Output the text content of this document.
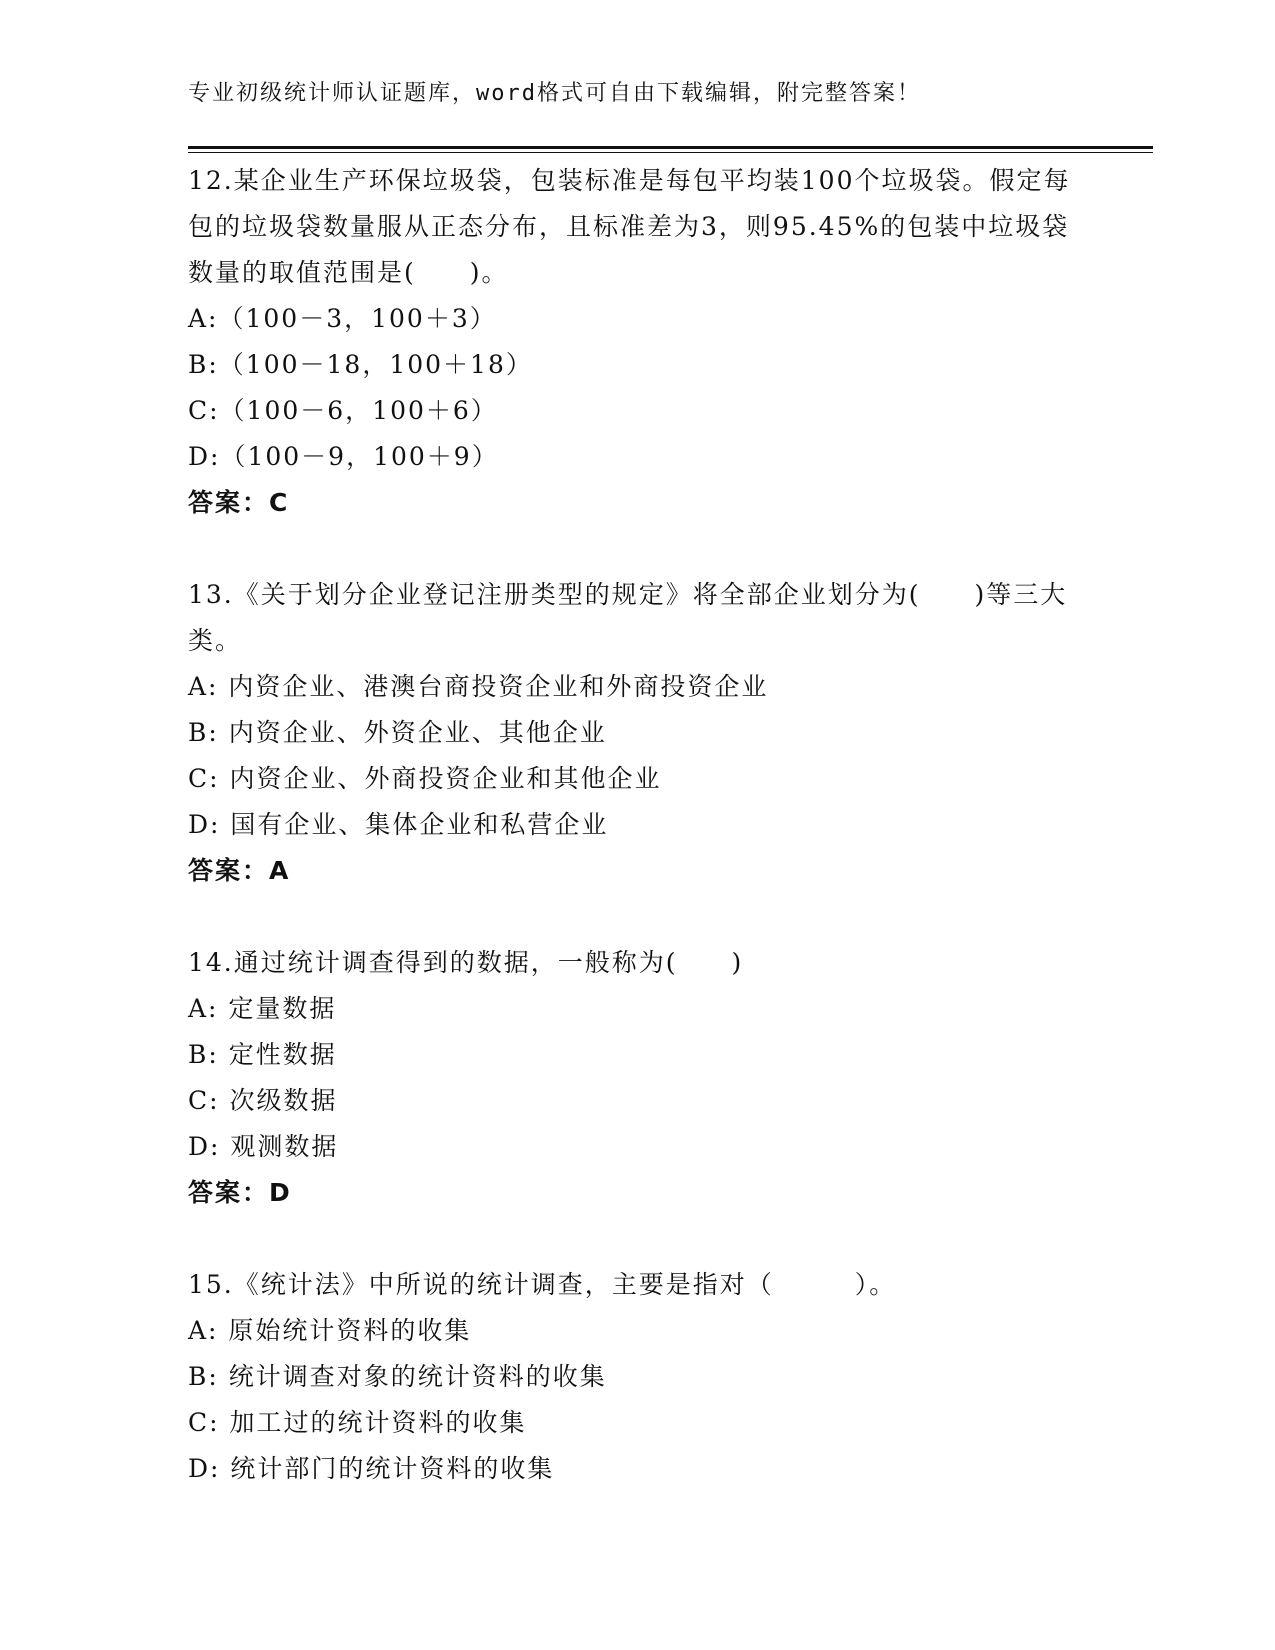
专业初级统计师认证题库，word格式可自由下载编辑，附完整答案！
12.某企业生产环保垃圾袋，包装标准是每包平均装100个垃圾袋。假定每包的垃圾袋数量服从正态分布，且标准差为3，则95.45%的包装中垃圾袋数量的取值范围是(　　)。
A:（100－3，100＋3）
B:（100－18，100＋18）
C:（100－6，100＋6）
D:（100－9，100＋9）
答案：C
13.《关于划分企业登记注册类型的规定》将全部企业划分为(　　)等三大类。
A: 内资企业、港澳台商投资企业和外商投资企业
B: 内资企业、外资企业、其他企业
C: 内资企业、外商投资企业和其他企业
D: 国有企业、集体企业和私营企业
答案：A
14.通过统计调查得到的数据，一般称为(　　)
A: 定量数据
B: 定性数据
C: 次级数据
D: 观测数据
答案：D
15.《统计法》中所说的统计调查，主要是指对（　　　）。
A: 原始统计资料的收集
B: 统计调查对象的统计资料的收集
C: 加工过的统计资料的收集
D: 统计部门的统计资料的收集
